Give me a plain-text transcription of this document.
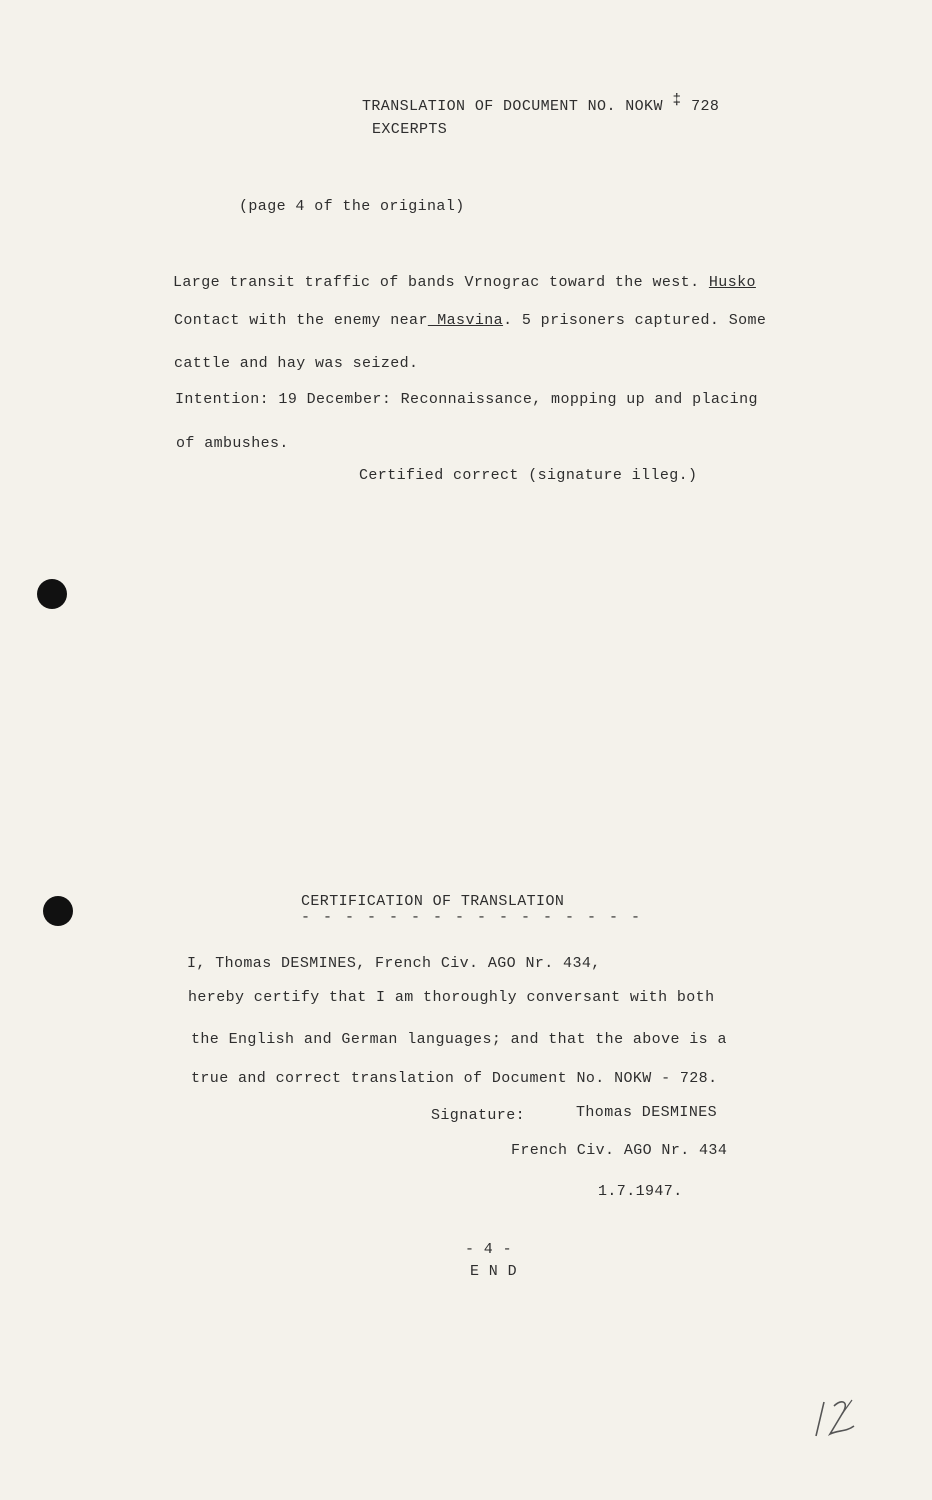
TRANSLATION OF DOCUMENT NO. NOKW ‡ 728
EXCERPTS
(page 4 of the original)
Large transit traffic of bands Vrnograc toward the west. Husko
Contact with the enemy near Masvina. 5 prisoners captured. Some
cattle and hay was seized.
Intention: 19 December: Reconnaissance, mopping up and placing
of ambushes.
Certified correct (signature illeg.)
CERTIFICATION OF TRANSLATION
- - - - - - - - - - - - - - - -
I, Thomas DESMINES, French Civ. AGO Nr. 434,
hereby certify that I am thoroughly conversant with both
the English and German languages; and that the above is a
true and correct translation of Document No. NOKW - 728.
Signature:	Thomas DESMINES
French Civ. AGO Nr. 434
1.7.1947.
- 4 -
E N D
